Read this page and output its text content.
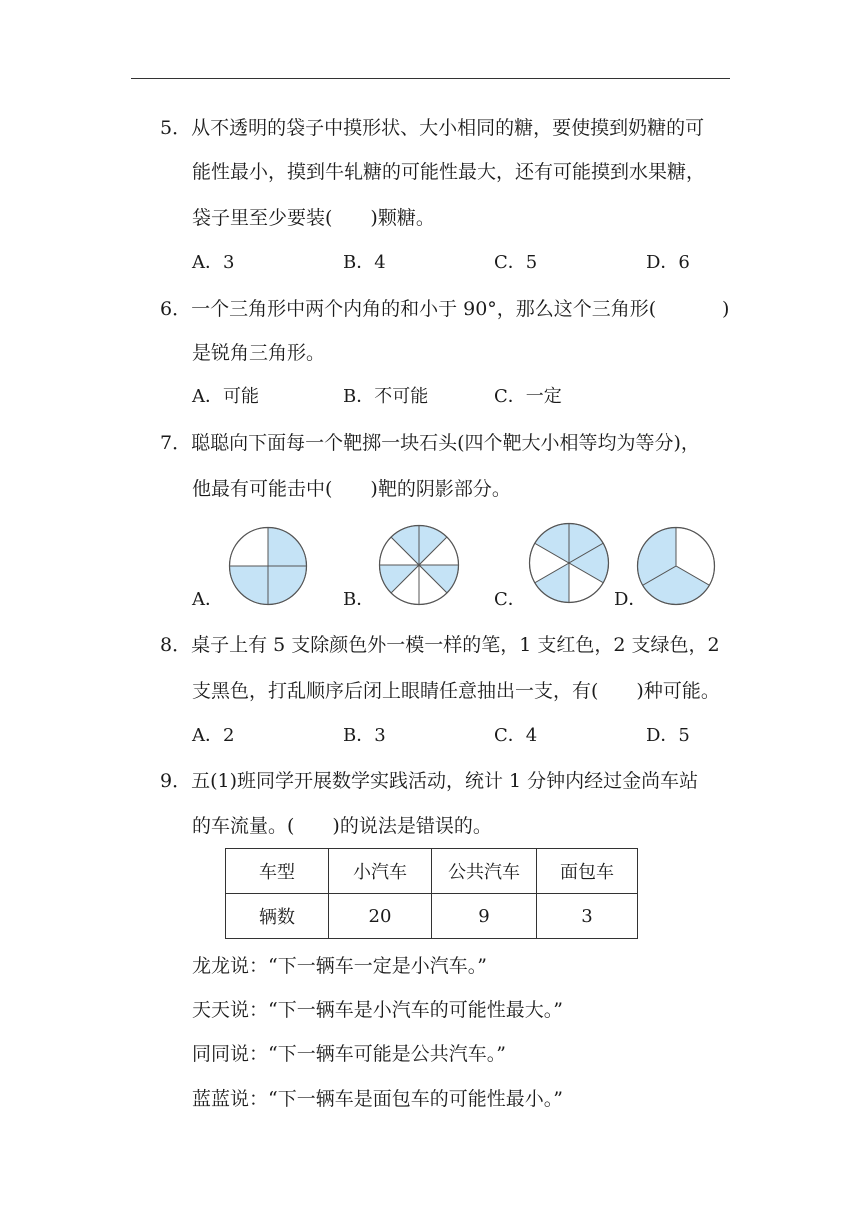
5．从不透明的袋子中摸形状、大小相同的糖，要使摸到奶糖的可
能性最小，摸到牛轧糖的可能性最大，还有可能摸到水果糖，
袋子里至少要装(　　)颗糖。
A．3	B．4	C．5	D．6
6．一个三角形中两个内角的和小于 90°，那么这个三角形(	)
是锐角三角形。
A．可能	B．不可能	C．一定
7．聪聪向下面每一个靶掷一块石头(四个靶大小相等均为等分)，
他最有可能击中(　　)靶的阴影部分。
A．	B．	C．	D．
8．桌子上有 5 支除颜色外一模一样的笔，1 支红色，2 支绿色，2
支黑色，打乱顺序后闭上眼睛任意抽出一支，有(　　)种可能。
A．2	B．3	C．4	D．5
9．五(1)班同学开展数学实践活动，统计 1 分钟内经过金尚车站
的车流量。(　　)的说法是错误的。
车型	小汽车	公共汽车	面包车
辆数	20	9	3
龙龙说：“下一辆车一定是小汽车。”
天天说：“下一辆车是小汽车的可能性最大。”
同同说：“下一辆车可能是公共汽车。”
蓝蓝说：“下一辆车是面包车的可能性最小。”
